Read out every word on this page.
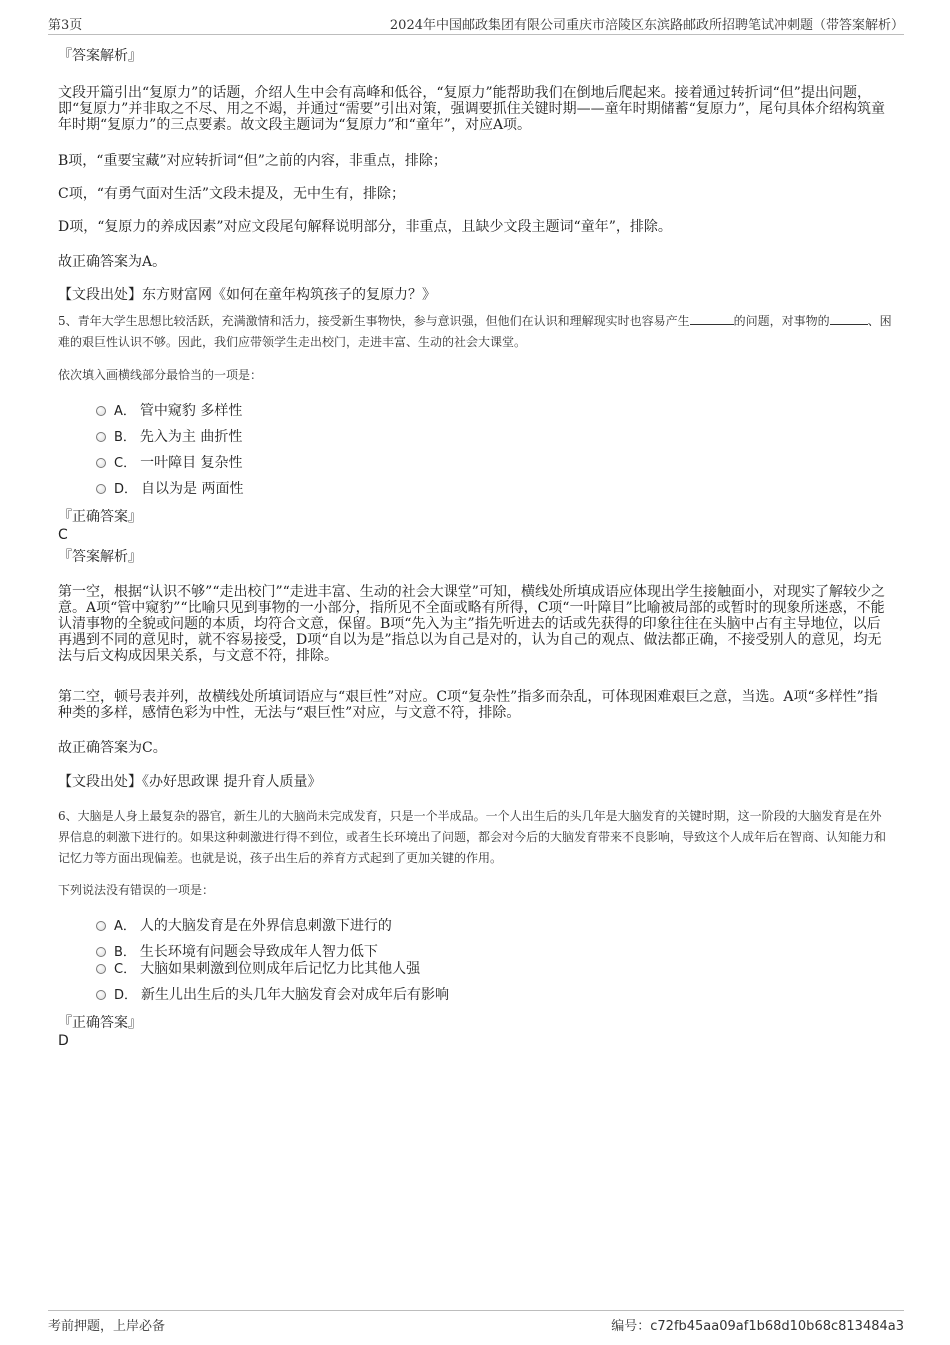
第3页	2024年中国邮政集团有限公司重庆市涪陵区东滨路邮政所招聘笔试冲刺题（带答案解析）

『答案解析』

文段开篇引出“复原力”的话题，介绍人生中会有高峰和低谷，“复原力”能帮助我们在倒地后爬起来。接着通过转折词“但”提出问题，即“复原力”并非取之不尽、用之不竭，并通过“需要”引出对策，强调要抓住关键时期——童年时期储蓄“复原力”，尾句具体介绍构筑童年时期“复原力”的三点要素。故文段主题词为“复原力”和“童年”，对应A项。

B项，“重要宝藏”对应转折词“但”之前的内容，非重点，排除；

C项，“有勇气面对生活”文段未提及，无中生有，排除；

D项，“复原力的养成因素”对应文段尾句解释说明部分，非重点，且缺少文段主题词“童年”，排除。

故正确答案为A。

【文段出处】东方财富网《如何在童年构筑孩子的复原力？》

5、青年大学生思想比较活跃，充满激情和活力，接受新生事物快，参与意识强，但他们在认识和理解现实时也容易产生	的问题，对事物的	、困难的艰巨性认识不够。因此，我们应带领学生走出校门，走进丰富、生动的社会大课堂。

依次填入画横线部分最恰当的一项是：

A． 管中窥豹 多样性
B． 先入为主 曲折性
C． 一叶障目 复杂性
D． 自以为是 两面性

『正确答案』

C

『答案解析』

第一空，根据“认识不够”“走出校门”“走进丰富、生动的社会大课堂”可知，横线处所填成语应体现出学生接触面小，对现实了解较少之意。A项“管中窥豹”“比喻只见到事物的一小部分，指所见不全面或略有所得，C项“一叶障目”比喻被局部的或暂时的现象所迷惑，不能认清事物的全貌或问题的本质，均符合文意，保留。B项“先入为主”指先听进去的话或先获得的印象往往在头脑中占有主导地位，以后再遇到不同的意见时，就不容易接受，D项“自以为是”指总以为自己是对的，认为自己的观点、做法都正确，不接受别人的意见，均无法与后文构成因果关系，与文意不符，排除。

第二空，顿号表并列，故横线处所填词语应与“艰巨性”对应。C项“复杂性”指多而杂乱，可体现困难艰巨之意，当选。A项“多样性”指种类的多样，感情色彩为中性，无法与“艰巨性”对应，与文意不符，排除。

故正确答案为C。

【文段出处】《办好思政课 提升育人质量》

6、大脑是人身上最复杂的器官，新生儿的大脑尚未完成发育，只是一个半成品。一个人出生后的头几年是大脑发育的关键时期，这一阶段的大脑发育是在外界信息的刺激下进行的。如果这种刺激进行得不到位，或者生长环境出了问题，都会对今后的大脑发育带来不良影响，导致这个人成年后在智商、认知能力和记忆力等方面出现偏差。也就是说，孩子出生后的养育方式起到了更加关键的作用。

下列说法没有错误的一项是：

A． 人的大脑发育是在外界信息刺激下进行的
B． 生长环境有问题会导致成年人智力低下
C． 大脑如果刺激到位则成年后记忆力比其他人强
D． 新生儿出生后的头几年大脑发育会对成年后有影响

『正确答案』

D

考前押题，上岸必备	编号：c72fb45aa09af1b68d10b68c813484a3
